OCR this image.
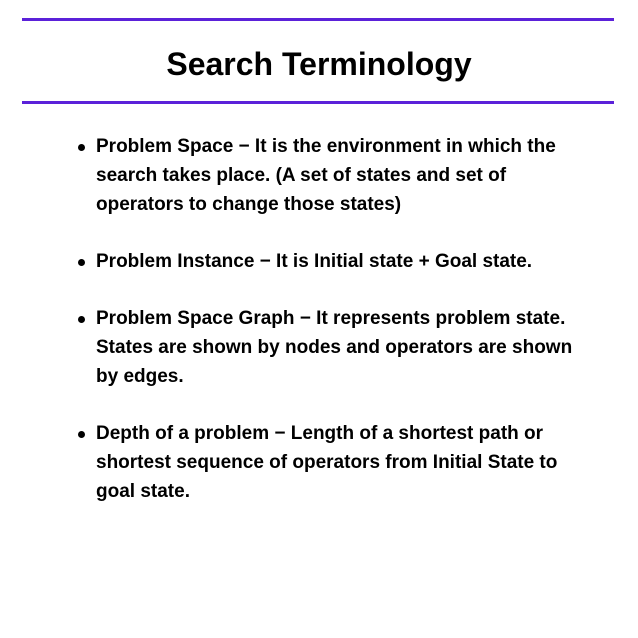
Search Terminology
Problem Space − It is the environment in which the search takes place. (A set of states and set of operators to change those states)
Problem Instance − It is Initial state + Goal state.
Problem Space Graph − It represents problem state. States are shown by nodes and operators are shown by edges.
Depth of a problem − Length of a shortest path or shortest sequence of operators from Initial State to goal state.
